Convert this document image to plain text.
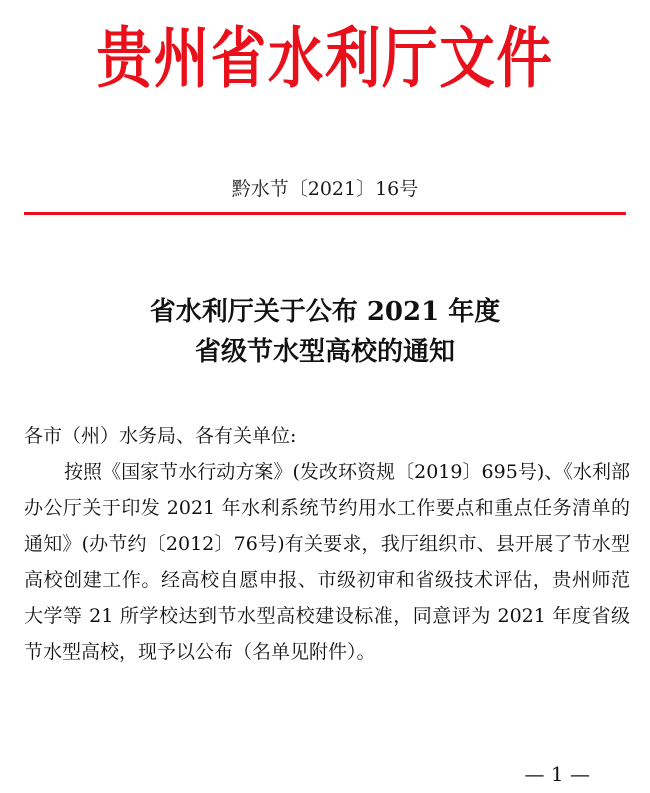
贵州省水利厅文件
黔水节〔2021〕16号
省水利厅关于公布 2021 年度
省级节水型高校的通知

各市（州）水务局、各有关单位:

按照《国家节水行动方案》(发改环资规〔2019〕695号)、《水利部办公厅关于印发 2021 年水利系统节约用水工作要点和重点任务清单的通知》(办节约〔2012〕76号)有关要求，我厅组织市、县开展了节水型高校创建工作。经高校自愿申报、市级初审和省级技术评估，贵州师范大学等 21 所学校达到节水型高校建设标准，同意评为 2021 年度省级节水型高校，现予以公布（名单见附件）。

— 1 —
